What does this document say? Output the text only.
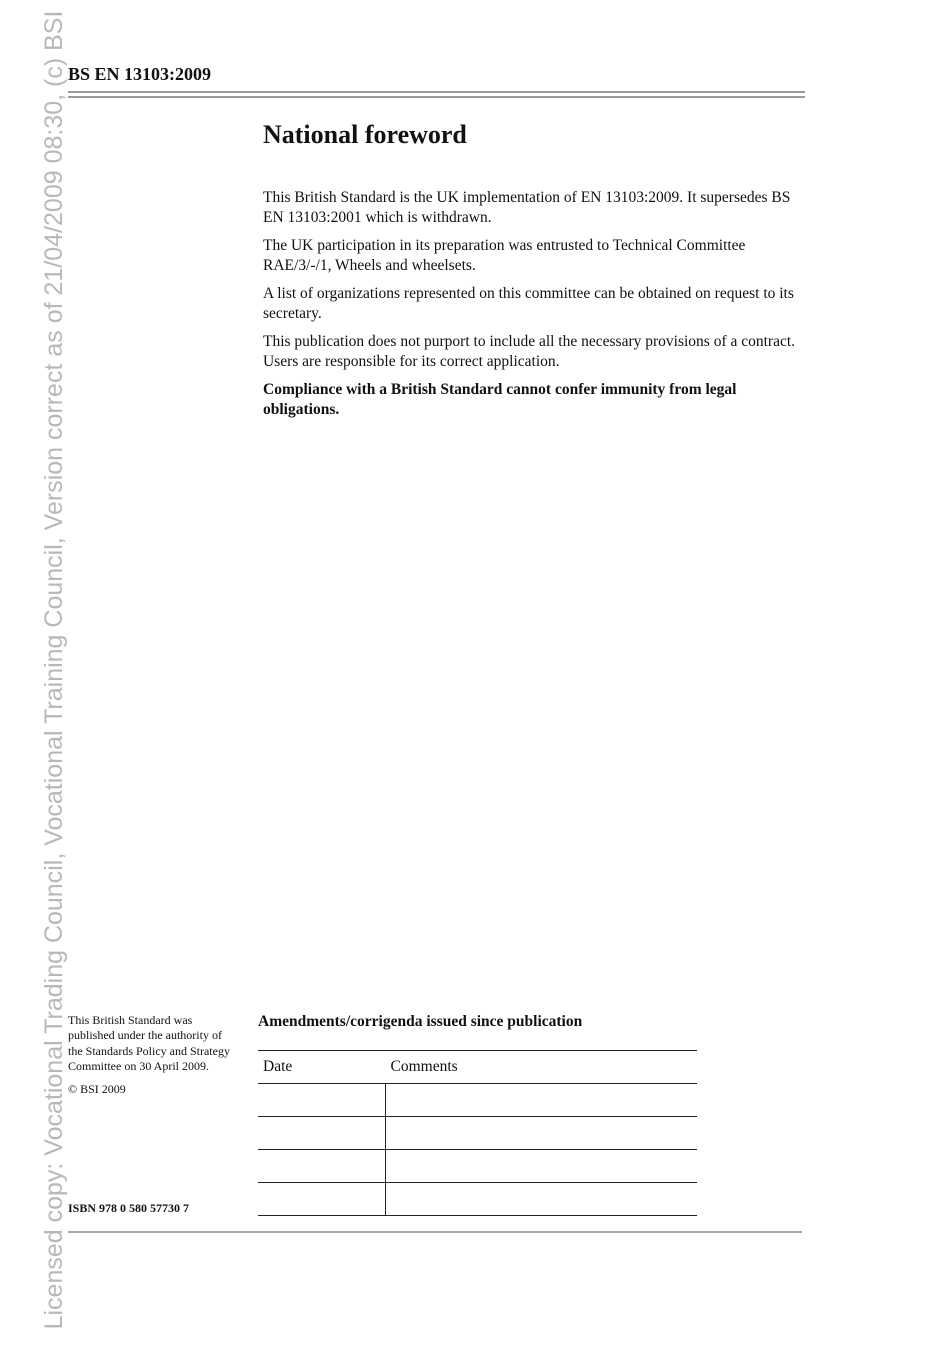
Licensed copy: Vocational Trading Council, Vocational Training Council, Version correct as of 21/04/2009 08:30, (c) BSI BS EN 13103:2009
National foreword

This British Standard is the UK implementation of EN 13103:2009. It supersedes BS EN 13103:2001 which is withdrawn.

The UK participation in its preparation was entrusted to Technical Committee RAE/3/-/1, Wheels and wheelsets.

A list of organizations represented on this committee can be obtained on request to its secretary.

This publication does not purport to include all the necessary provisions of a contract. Users are responsible for its correct application.

Compliance with a British Standard cannot confer immunity from legal obligations.

This British Standard was published under the authority of the Standards Policy and Strategy Committee on 30 April 2009.

© BSI 2009

ISBN 978 0 580 57730 7
Amendments/corrigenda issued since publication
Date	Comments
